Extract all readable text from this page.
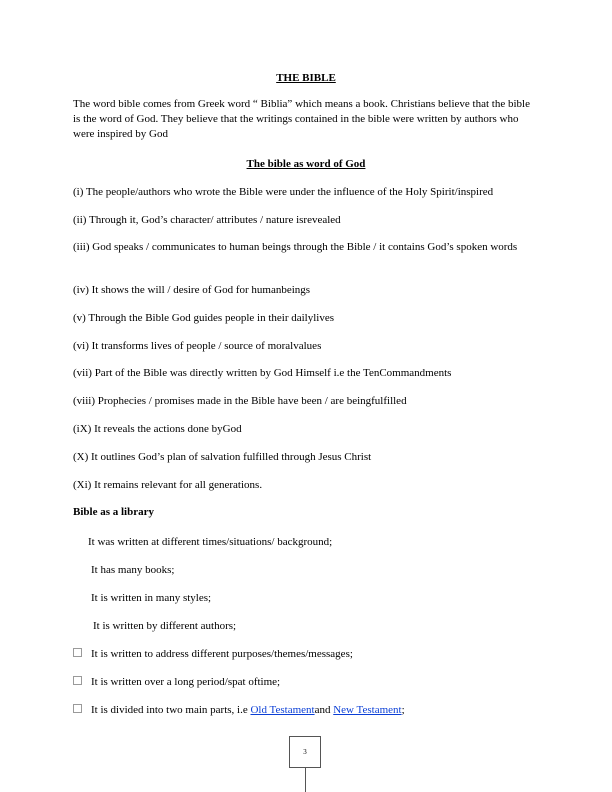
THE BIBLE
The word bible comes from Greek word “ Biblia” which means a book. Christians believe that the bible is the word of God. They believe that the writings contained in the bible were written by authors who were inspired by God
The bible as word of God
(i) The people/authors who wrote the Bible were under the influence of the Holy Spirit/inspired
(ii) Through it, God’s character/ attributes / nature isrevealed
(iii) God speaks / communicates to human beings through the Bible / it contains God’s spoken words
(iv) It shows the will / desire of God for humanbeings
(v) Through the Bible God guides people in their dailylives
(vi) It transforms lives of people / source of moralvalues
(vii) Part of the Bible was directly written by God Himself i.e the TenCommandments
(viii) Prophecies / promises made in the Bible have been / are beingfulfilled
(iX) It reveals the actions done byGod
(X) It outlines God’s plan of salvation fulfilled through Jesus Christ
(Xi) It remains relevant for all generations.
Bible as a library
It was written at different times/situations/ background;
It has many books;
It is written in many styles;
It is written by different authors;
It is written to address different purposes/themes/messages;
It is written over a long period/spat oftime;
It is divided into two main parts, i.e Old Testamentand New Testament;
3
